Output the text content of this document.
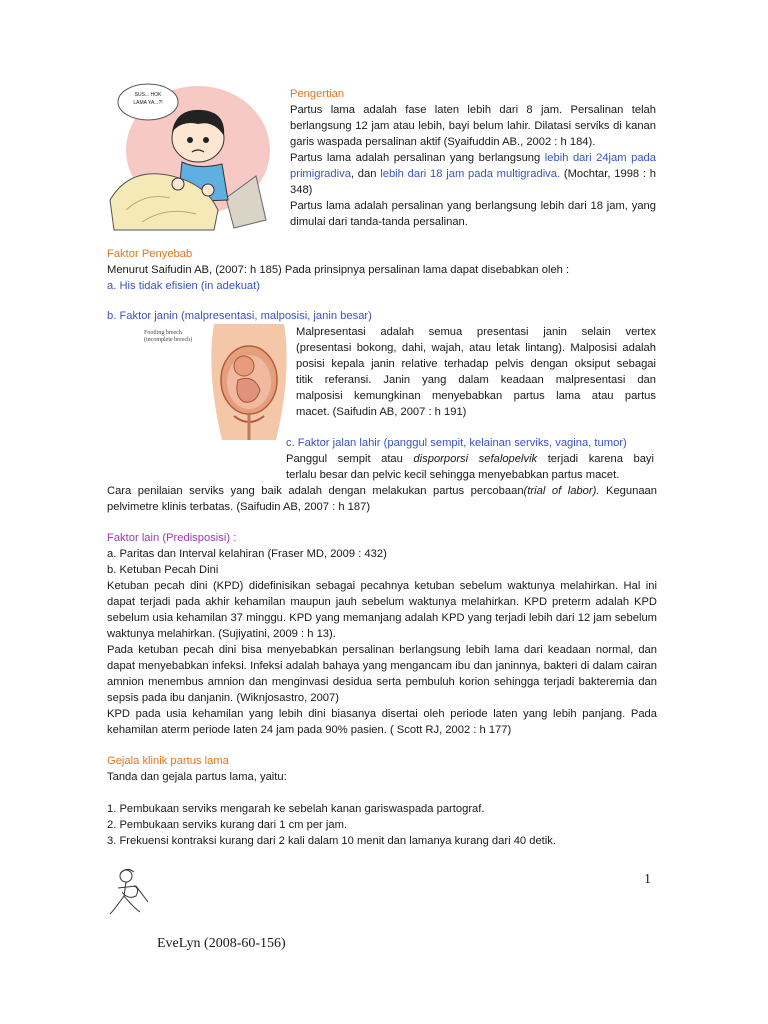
SUS... HOK
LAMA YA...?!

Pengertian

Partus lama adalah fase laten lebih dari 8 jam. Persalinan telah berlangsung 12 jam atau lebih, bayi belum lahir. Dilatasi serviks di kanan garis waspada persalinan aktif (Syaifuddin AB., 2002 : h 184).

Partus lama adalah persalinan yang berlangsung lebih dari 24jam pada primigradiva, dan lebih dari 18 jam pada multigradiva. (Mochtar, 1998 : h 348)

Partus lama adalah persalinan yang berlangsung lebih dari 18 jam, yang dimulai dari tanda-tanda persalinan.

Faktor Penyebab

Menurut Saifudin AB, (2007: h 185) Pada prinsipnya persalinan lama dapat disebabkan oleh :

a. His tidak efisien (in adekuat)

b. Faktor janin (malpresentasi, malposisi, janin besar)

Footling breech
(incomplete breech)
Malpresentasi adalah semua presentasi janin selain vertex
(presentasi bokong, dahi, wajah, atau letak lintang). Malposisi adalah
posisi kepala janin relative terhadap pelvis dengan oksiput sebagai
titik referansi. Janin yang dalam keadaan malpresentasi dan
malposisi kemungkinan menyebabkan partus lama atau partus
macet. (Saifudin AB, 2007 : h 191)

c. Faktor jalan lahir (panggul sempit, kelainan serviks, vagina, tumor)

Panggul sempit atau disporporsi sefalopelvik terjadi karena bayi

terlalu besar dan pelvic kecil sehingga menyebabkan partus macet.

Cara penilaian serviks yang baik adalah dengan melakukan partus percobaan(trial of labor). Kegunaan

pelvimetre klinis terbatas. (Saifudin AB, 2007 : h 187)

Faktor lain (Predisposisi) :

a. Paritas dan Interval kelahiran (Fraser MD, 2009 : 432)

b. Ketuban Pecah Dini

Ketuban pecah dini (KPD) didefinisikan sebagai pecahnya ketuban sebelum waktunya melahirkan. Hal ini dapat terjadi pada akhir kehamilan maupun jauh sebelum waktunya melahirkan. KPD preterm adalah KPD sebelum usia kehamilan 37 minggu. KPD yang memanjang adalah KPD yang terjadi lebih dari 12 jam sebelum waktunya melahirkan. (Sujiyatini, 2009 : h 13).

Pada ketuban pecah dini bisa menyebabkan persalinan berlangsung lebih lama dari keadaan normal, dan dapat menyebabkan infeksi. Infeksi adalah bahaya yang mengancam ibu dan janinnya, bakteri di dalam cairan amnion menembus amnion dan menginvasi desidua serta pembuluh korion sehingga terjadi bakteremia dan sepsis pada ibu danjanin. (Wiknjosastro, 2007)

KPD pada usia kehamilan yang lebih dini biasanya disertai oleh periode laten yang lebih panjang. Pada kehamilan aterm periode laten 24 jam pada 90% pasien. ( Scott RJ, 2002 : h 177)

Gejala klinik partus lama

Tanda dan gejala partus lama, yaitu:

1. Pembukaan serviks mengarah ke sebelah kanan gariswaspada partograf.

2. Pembukaan serviks kurang dari 1 cm per jam.

3. Frekuensi kontraksi kurang dari 2 kali dalam 10 menit dan lamanya kurang dari 40 detik.

1
EveLyn (2008-60-156)
